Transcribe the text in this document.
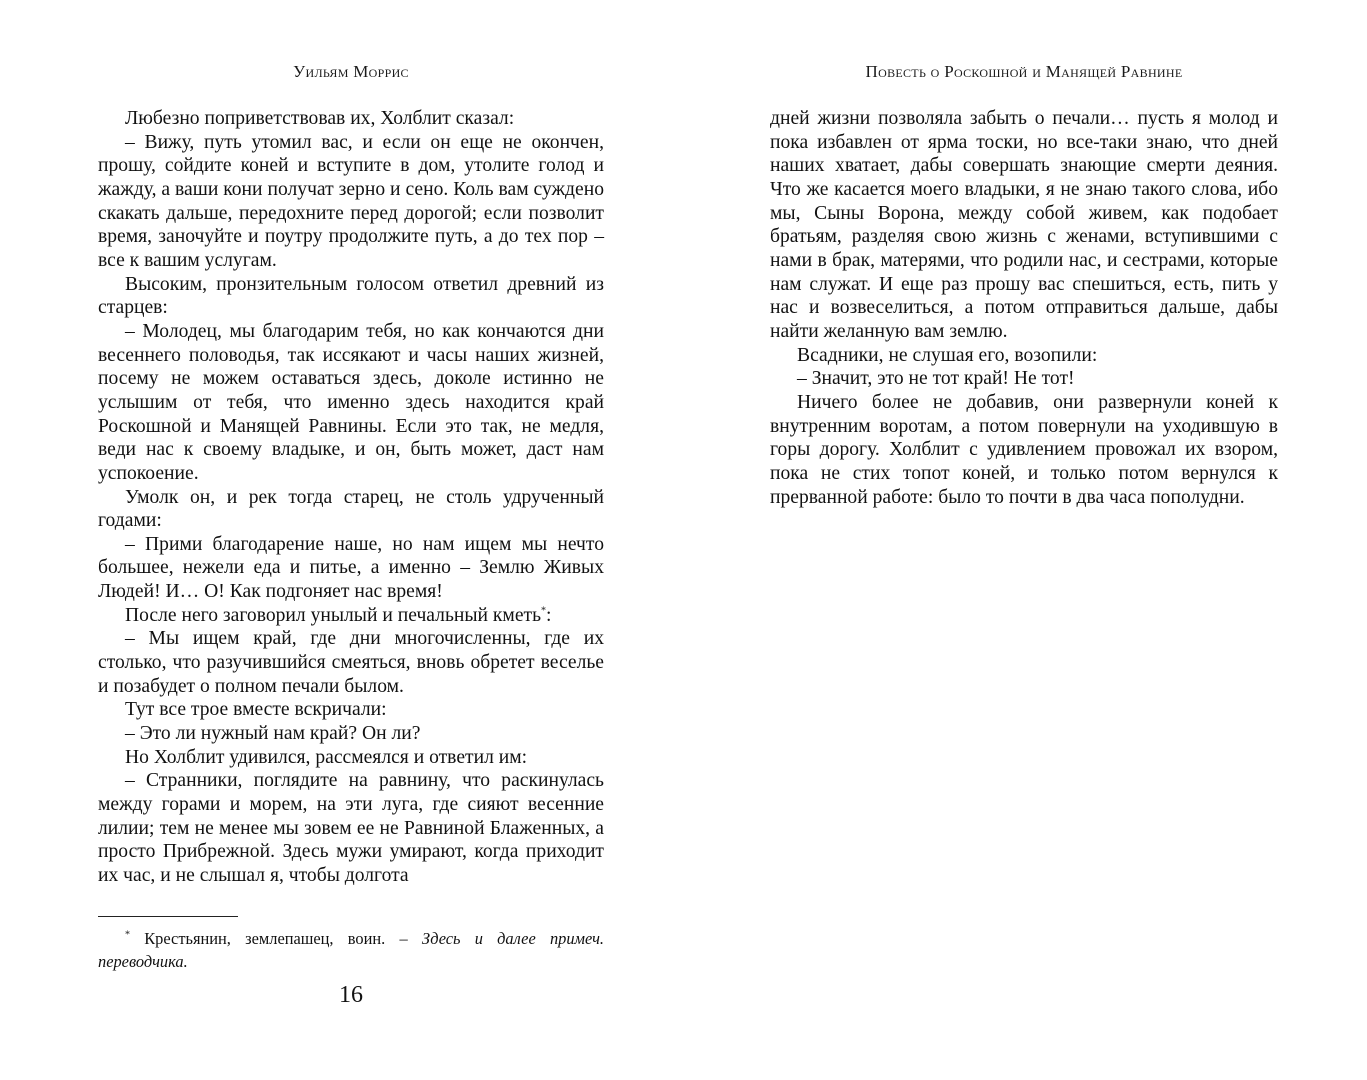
Уильям Моррис

Любезно поприветствовав их, Холблит сказал:

– Вижу, путь утомил вас, и если он еще не окончен, прошу, сойдите коней и вступите в дом, утолите голод и жажду, а ваши кони получат зерно и сено. Коль вам суждено скакать дальше, передохните перед дорогой; если позволит время, заночуйте и поутру продолжите путь, а до тех пор – все к вашим услугам.

Высоким, пронзительным голосом ответил древний из старцев:

– Молодец, мы благодарим тебя, но как кончаются дни весеннего половодья, так иссякают и часы наших жизней, посему не можем оставаться здесь, доколе истинно не услышим от тебя, что именно здесь находится край Роскошной и Манящей Равнины. Если это так, не медля, веди нас к своему владыке, и он, быть может, даст нам успокоение.

Умолк он, и рек тогда старец, не столь удрученный годами:

– Прими благодарение наше, но нам ищем мы нечто большее, нежели еда и питье, а именно – Землю Живых Людей! И… О! Как подгоняет нас время!

После него заговорил унылый и печальный кметь*:

– Мы ищем край, где дни многочисленны, где их столько, что разучившийся смеяться, вновь обретет веселье и позабудет о полном печали былом.

Тут все трое вместе вскричали:

– Это ли нужный нам край? Он ли?

Но Холблит удивился, рассмеялся и ответил им:

– Странники, поглядите на равнину, что раскинулась между горами и морем, на эти луга, где сияют весенние лилии; тем не менее мы зовем ее не Равниной Блаженных, а просто Прибрежной. Здесь мужи умирают, когда приходит их час, и не слышал я, чтобы долгота

* Крестьянин, землепашец, воин. – Здесь и далее примеч. переводчика.
16
Повесть о Роскошной и Манящей Равнине

дней жизни позволяла забыть о печали… пусть я молод и пока избавлен от ярма тоски, но все-таки знаю, что дней наших хватает, дабы совершать знающие смерти деяния. Что же касается моего владыки, я не знаю такого слова, ибо мы, Сыны Ворона, между собой живем, как подобает братьям, разделяя свою жизнь с женами, вступившими с нами в брак, матерями, что родили нас, и сестрами, которые нам служат. И еще раз прошу вас спешиться, есть, пить у нас и возвеселиться, а потом отправиться дальше, дабы найти желанную вам землю.

Всадники, не слушая его, возопили:

– Значит, это не тот край! Не тот!

Ничего более не добавив, они развернули коней к внутренним воротам, а потом повернули на уходившую в горы дорогу. Холблит с удивлением провожал их взором, пока не стих топот коней, и только потом вернулся к прерванной работе: было то почти в два часа пополудни.
